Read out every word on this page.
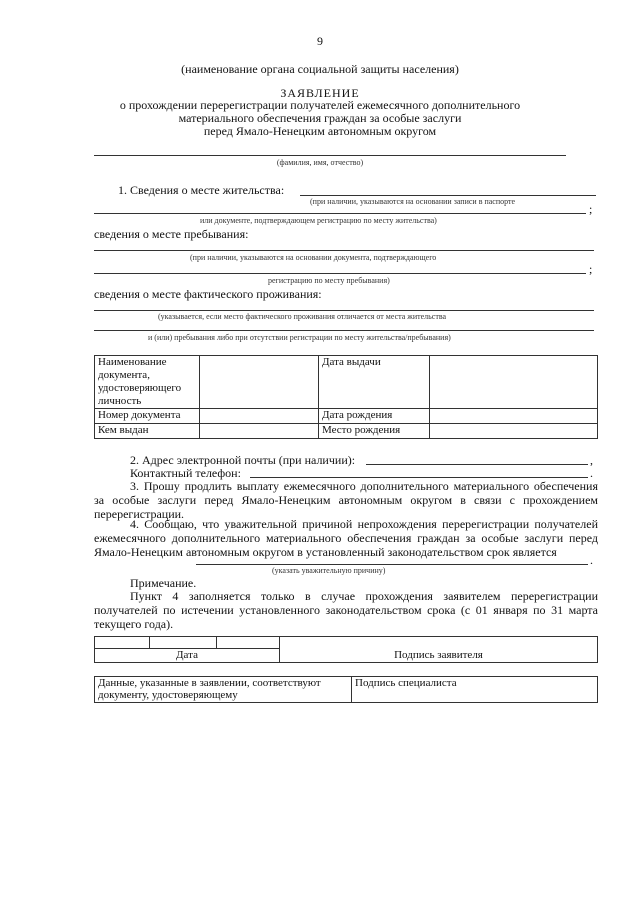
9
(наименование органа социальной защиты населения)
ЗАЯВЛЕНИЕ
о прохождении перерегистрации получателей ежемесячного дополнительного
материального обеспечения граждан за особые заслуги
перед Ямало-Ненецким автономным округом
(фамилия, имя, отчество)
1. Сведения о месте жительства:
(при наличии, указываются на основании записи в паспорте
;
или документе, подтверждающем регистрацию по месту жительства)
сведения о месте пребывания:
(при наличии, указываются на основании документа, подтверждающего
;
регистрацию по месту пребывания)
сведения о месте фактического проживания:
(указывается, если место фактического проживания отличается от места жительства
и (или) пребывания либо при отсутствии регистрации по месту жительства/пребывания)
Наименование документа, удостоверяющего личность		Дата выдачи	
Номер документа		Дата рождения	
Кем выдан		Место рождения	
2. Адрес электронной почты (при наличии):	,
Контактный телефон:	.
3. Прошу продлить выплату ежемесячного дополнительного материального обеспечения за особые заслуги перед Ямало-Ненецким автономным округом в связи с прохождением перерегистрации.
4. Сообщаю, что уважительной причиной непрохождения перерегистрации получателей ежемесячного дополнительного материального обеспечения граждан за особые заслуги перед Ямало-Ненецким автономным округом в установленный законодательством срок является
.
(указать уважительную причину)
Примечание.
Пункт 4 заполняется только в случае прохождения заявителем перерегистрации получателей по истечении установленного законодательством срока (с 01 января по 31 марта текущего года).

Дата			Подпись заявителя
Данные, указанные в заявлении, соответствуют документу, удостоверяющему	Подпись специалиста
